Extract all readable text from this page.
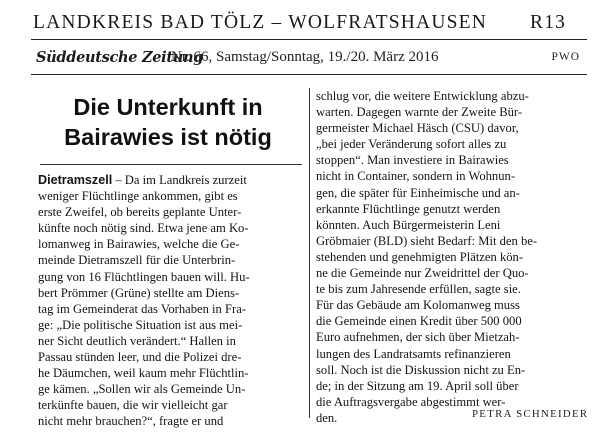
LANDKREIS BAD TÖLZ – WOLFRATSHAUSEN R13
Süddeutsche Zeitung
Nr. 66, Samstag/Sonntag, 19./20. März 2016	PWO
Die Unterkunft in
Bairawies ist nötig
Dietramszell – Da im Landkreis zurzeit
weniger Flüchtlinge ankommen, gibt es
erste Zweifel, ob bereits geplante Unter-
künfte noch nötig sind. Etwa jene am Ko-
lomanweg in Bairawies, welche die Ge-
meinde Dietramszell für die Unterbrin-
gung von 16 Flüchtlingen bauen will. Hu-
bert Prömmer (Grüne) stellte am Diens-
tag im Gemeinderat das Vorhaben in Fra-
ge: „Die politische Situation ist aus mei-
ner Sicht deutlich verändert.“ Hallen in
Passau stünden leer, und die Polizei dre-
he Däumchen, weil kaum mehr Flüchtlin-
ge kämen. „Sollen wir als Gemeinde Un-
terkünfte bauen, die wir vielleicht gar
nicht mehr brauchen?“, fragte er und
schlug vor, die weitere Entwicklung abzu-
warten. Dagegen warnte der Zweite Bür-
germeister Michael Häsch (CSU) davor,
„bei jeder Veränderung sofort alles zu
stoppen“. Man investiere in Bairawies
nicht in Container, sondern in Wohnun-
gen, die später für Einheimische und an-
erkannte Flüchtlinge genutzt werden
könnten. Auch Bürgermeisterin Leni
Gröbmaier (BLD) sieht Bedarf: Mit den be-
stehenden und genehmigten Plätzen kön-
ne die Gemeinde nur Zweidrittel der Quo-
te bis zum Jahresende erfüllen, sagte sie.
Für das Gebäude am Kolomanweg muss
die Gemeinde einen Kredit über 500 000
Euro aufnehmen, der sich über Mietzah-
lungen des Landratsamts refinanzieren
soll. Noch ist die Diskussion nicht zu En-
de; in der Sitzung am 19. April soll über
die Auftragsvergabe abgestimmt wer-
den.	PETRA SCHNEIDER
